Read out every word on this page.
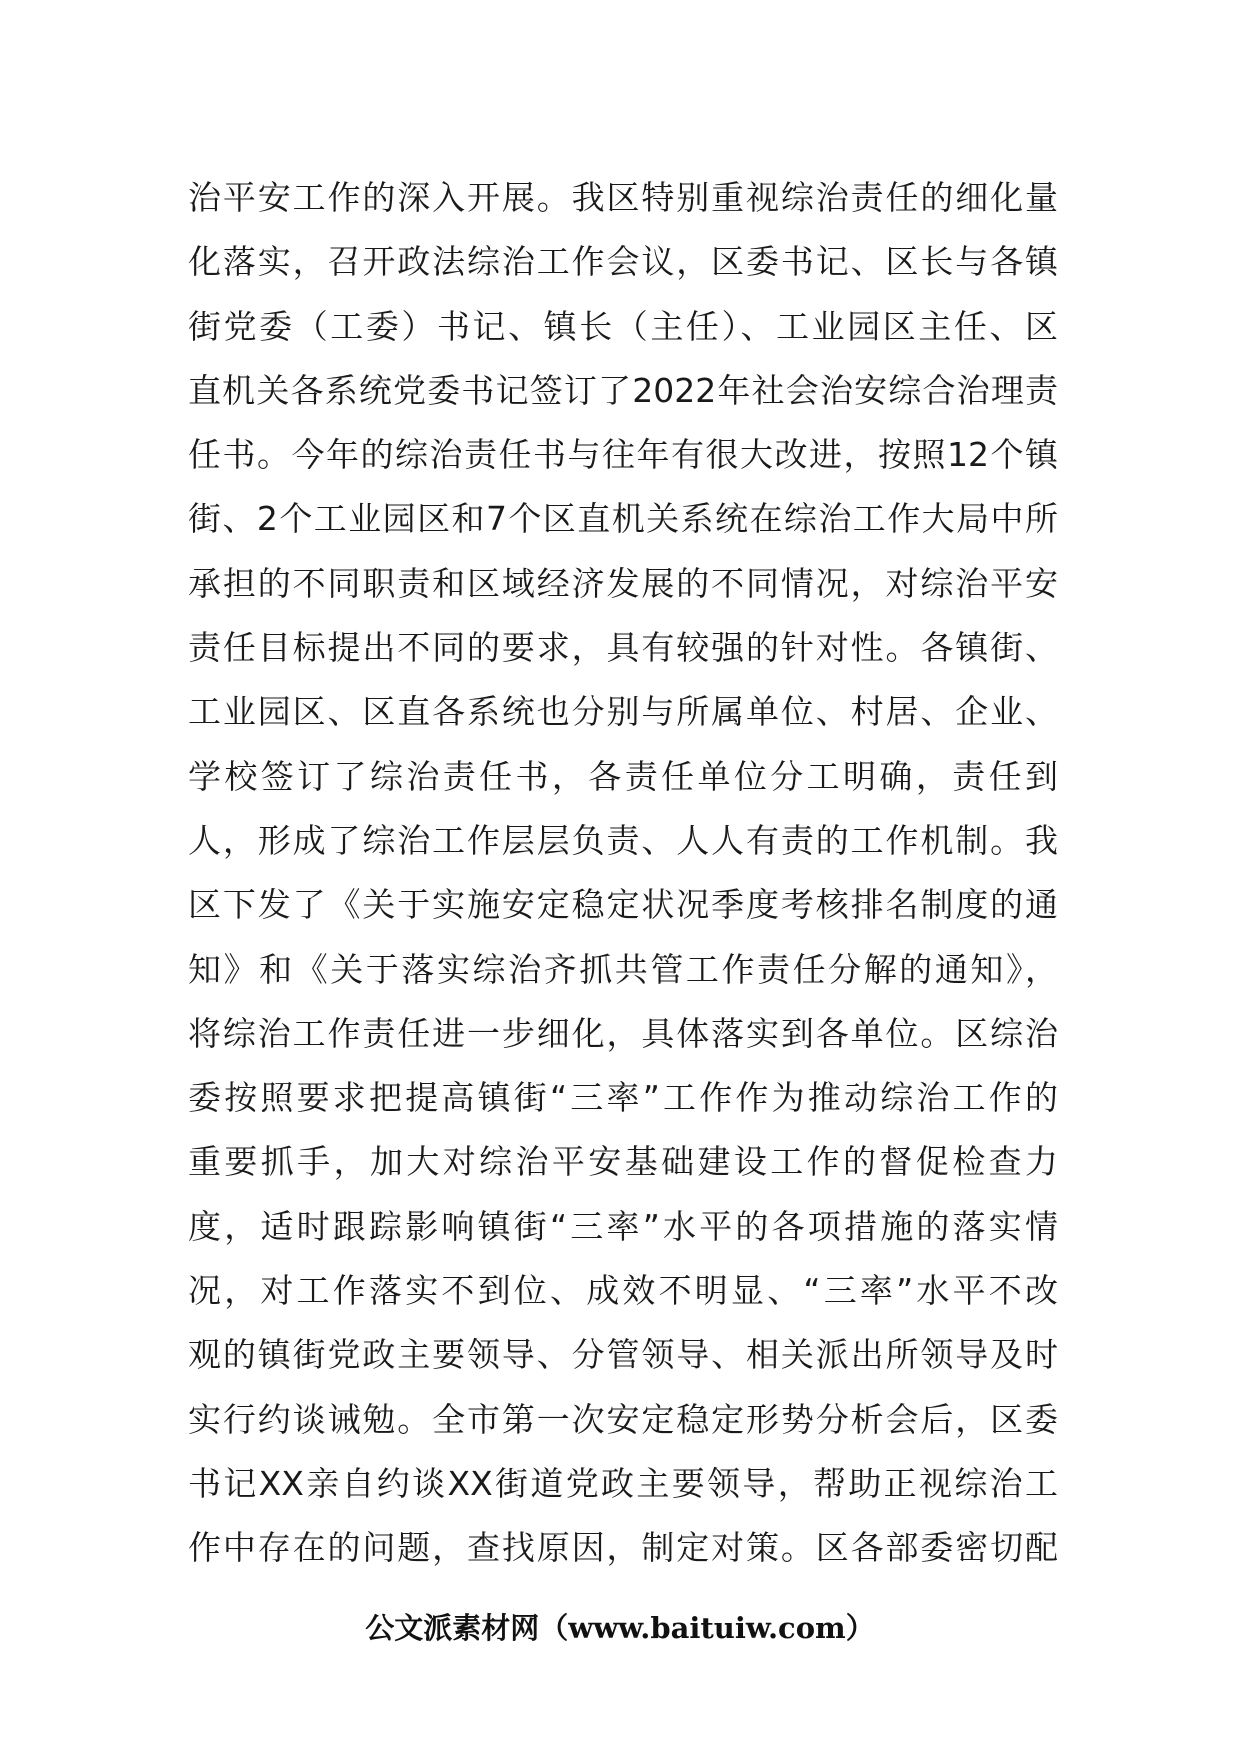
治平安工作的深入开展。我区特别重视综治责任的细化量
化落实，召开政法综治工作会议，区委书记、区长与各镇
街党委（工委）书记、镇长（主任）、工业园区主任、区
直机关各系统党委书记签订了2022年社会治安综合治理责
任书。今年的综治责任书与往年有很大改进，按照12个镇
街、2个工业园区和7个区直机关系统在综治工作大局中所
承担的不同职责和区域经济发展的不同情况，对综治平安
责任目标提出不同的要求，具有较强的针对性。各镇街、
工业园区、区直各系统也分别与所属单位、村居、企业、
学校签订了综治责任书，各责任单位分工明确，责任到
人，形成了综治工作层层负责、人人有责的工作机制。我
区下发了《关于实施安定稳定状况季度考核排名制度的通
知》和《关于落实综治齐抓共管工作责任分解的通知》，
将综治工作责任进一步细化，具体落实到各单位。区综治
委按照要求把提高镇街“三率”工作作为推动综治工作的
重要抓手，加大对综治平安基础建设工作的督促检查力
度，适时跟踪影响镇街“三率”水平的各项措施的落实情
况，对工作落实不到位、成效不明显、“三率”水平不改
观的镇街党政主要领导、分管领导、相关派出所领导及时
实行约谈诫勉。全市第一次安定稳定形势分析会后，区委
书记XX亲自约谈XX街道党政主要领导，帮助正视综治工
作中存在的问题，查找原因，制定对策。区各部委密切配
公文派素材网（www.baituiw.com）
